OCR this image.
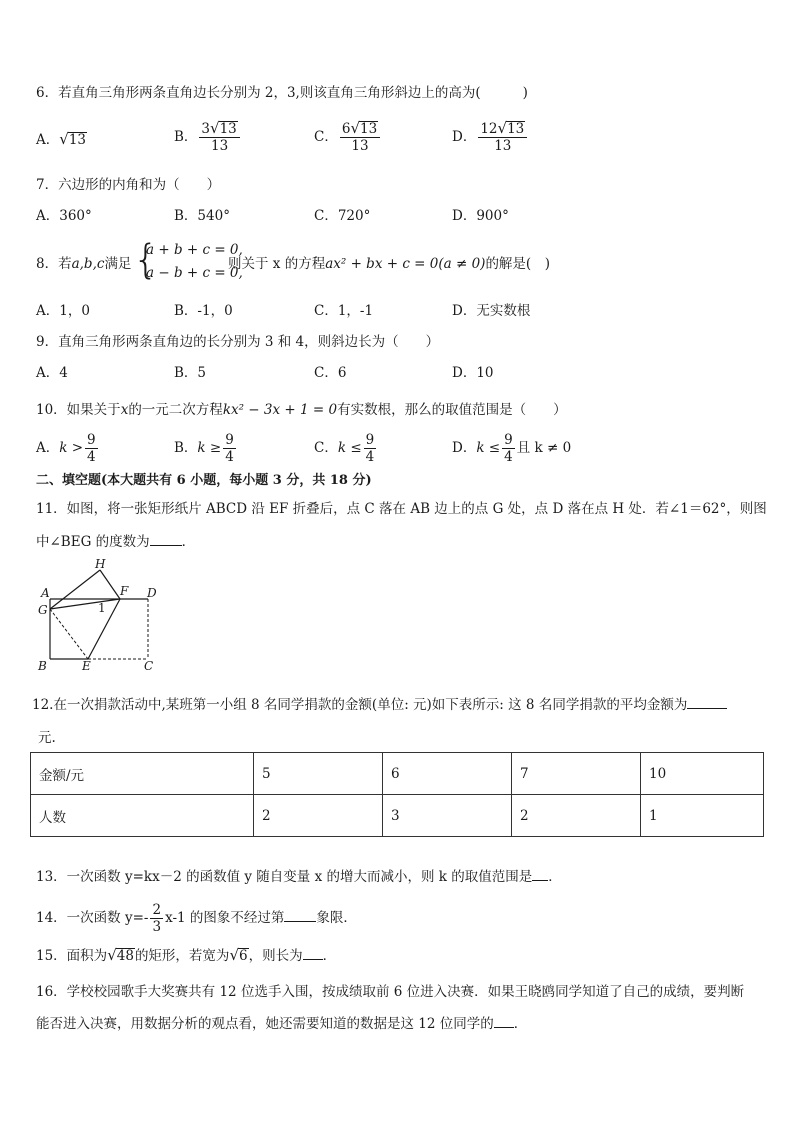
6．若直角三角形两条直角边长分别为 2，3,则该直角三角形斜边上的高为(	)
A．√13	B． $\frac{3√13}{13}$	C． $\frac{6√13}{13}$	D． $\frac{12√13}{13}$
7．六边形的内角和为（　　）
A．360°	B．540°	C．720°	D．900°
8．若a,b,c满足 {
a + b + c = 0,
a − b + c = 0,
则关于 x 的方程ax² + bx + c = 0(a ≠ 0)的解是(　)
A．1，0	B．-1，0	C．1，-1	D．无实数根
9．直角三角形两条直角边的长分别为 3 和 4，则斜边长为（　　）
A．4	B．5	C．6	D．10
10．如果关于x的一元二次方程kx² − 3x + 1 = 0有实数根，那么的取值范围是（　　）
A．$k > \frac{9}{4}$	B．$k \ge \frac{9}{4}$	C．$k \le \frac{9}{4}$	D．$k \le \frac{9}{4}$ 且 k ≠ 0
二、填空题(本大题共有 6 小题，每小题 3 分，共 18 分)
11．如图，将一张矩形纸片 ABCD 沿 EF 折叠后，点 C 落在 AB 边上的点 G 处，点 D 落在点 H 处．若∠1＝62°，则图
中∠BEG 的度数为 ．
H
A	F D
G	1
B	E	C
12.在一次捐款活动中,某班第一小组 8 名同学捐款的金额(单位: 元)如下表所示: 这 8 名同学捐款的平均金额为
元.
金额/元	5	6	7	10
人数	2	3	2	1
13．一次函数 y=kx－2 的函数值 y 随自变量 x 的增大而减小，则 k 的取值范围是 ．
14．一次函数 $y=- \frac{2}{3} x-1$ 的图象不经过第 象限．
15．面积为√48的矩形，若宽为√6，则长为 ．
16．学校校园歌手大奖赛共有 12 位选手入围，按成绩取前 6 位进入决赛．如果王晓鸥同学知道了自己的成绩，要判断
能否进入决赛，用数据分析的观点看，她还需要知道的数据是这 12 位同学的 ．
